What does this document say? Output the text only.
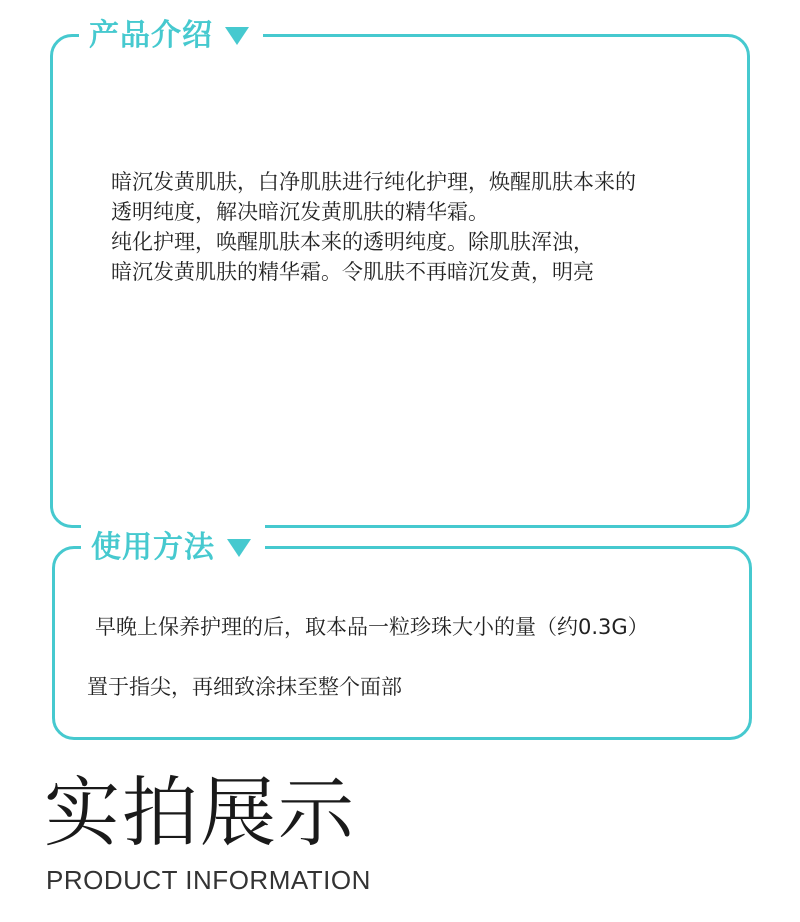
产品介绍
暗沉发黄肌肤，白净肌肤进行纯化护理，焕醒肌肤本来的
透明纯度，解决暗沉发黄肌肤的精华霜。
纯化护理，唤醒肌肤本来的透明纯度。除肌肤浑浊，
暗沉发黄肌肤的精华霜。令肌肤不再暗沉发黄，明亮
使用方法
早晚上保养护理的后，取本品一粒珍珠大小的量（约0.3G）
置于指尖，再细致涂抹至整个面部
实拍展示

PRODUCT INFORMATION
